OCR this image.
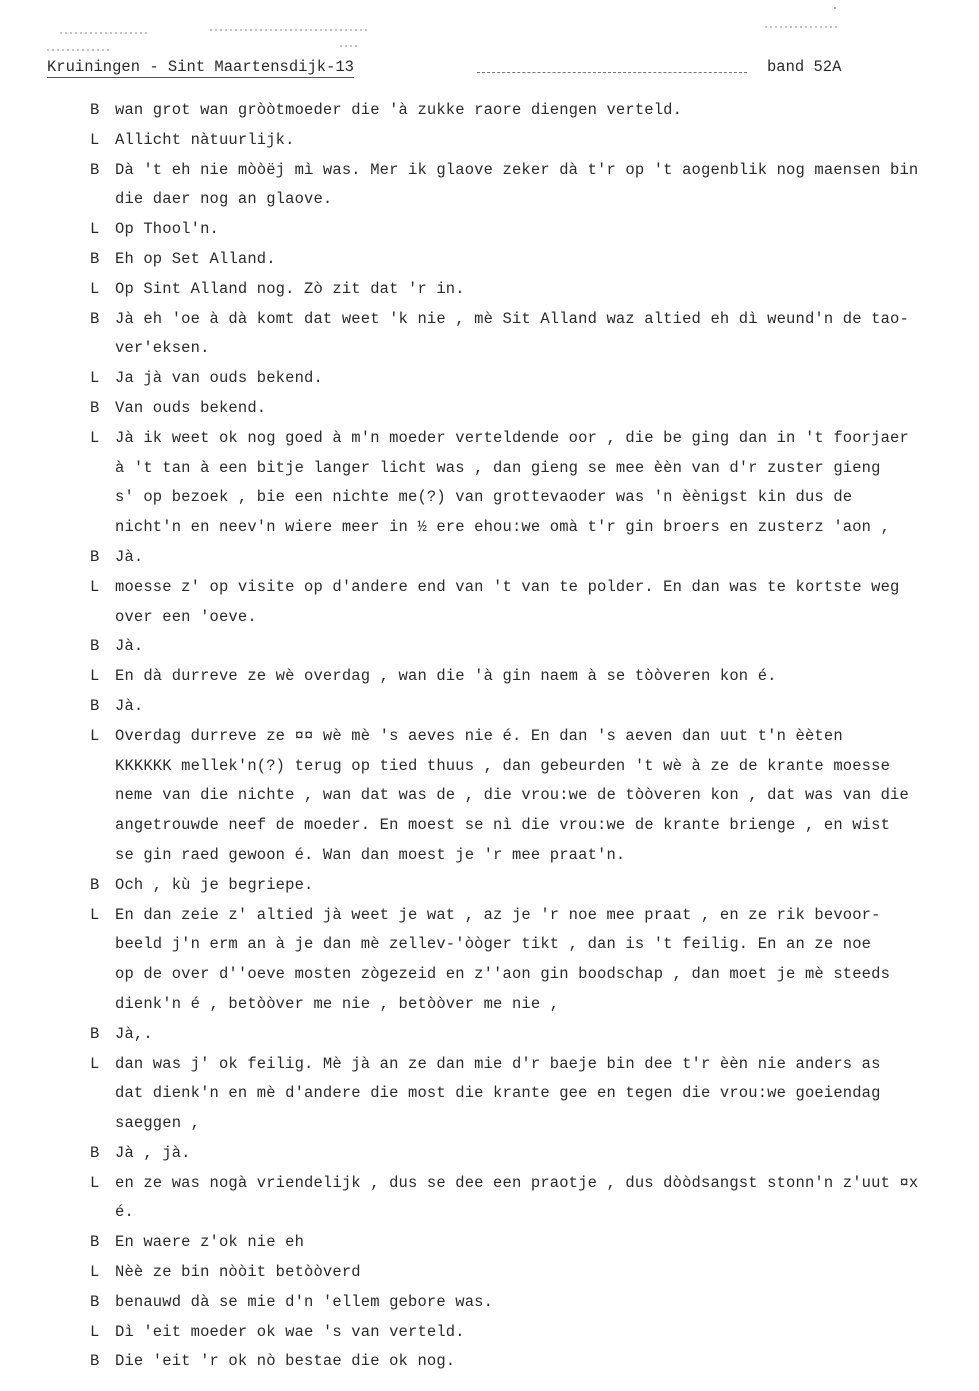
Kruiningen - Sint Maartensdijk-13	band 52A
B	wan grot wan gròòtmoeder die 'à zukke raore diengen verteld.
L	Allicht nàtuurlijk.
B	Dà 't eh nie mòòëj mì was. Mer ik glaove zeker dà t'r op 't aogenblik nog maensen bin
die daer nog an glaove.
L	Op Thool'n.
B	Eh op Set Alland.
L	Op Sint Alland nog. Zò zit dat 'r in.
B	Jà eh 'oe à dà komt dat weet 'k nie , mè Sit Alland waz altied eh dì weund'n de tao-
ver'eksen.
L	Ja jà van ouds bekend.
B	Van ouds bekend.
L	Jà ik weet ok nog goed à m'n moeder verteldende oor , die be ging dan in 't foorjaer
à 't tan à een bitje langer licht was , dan gieng se mee èèn van d'r zuster gieng
s' op bezoek , bie een nichte me(?) van grottevaoder was 'n èènigst kin dus de
nicht'n en neev'n wiere meer in ½ ere ehou:we omà t'r gin broers en zusterz 'aon ,
B	Jà.
L	moesse z' op visite op d'andere end van 't van te polder. En dan was te kortste weg
over een 'oeve.
B	Jà.
L	En dà durreve ze wè overdag , wan die 'à gin naem à se tòòveren kon é.
B	Jà.
L	Overdag durreve ze ¤¤ wè mè 's aeves nie é. En dan 's aeven dan uut t'n èèten
KKKKKK mellek'n(?) terug op tied thuus , dan gebeurden 't wè à ze de krante moesse
neme van die nichte , wan dat was de , die vrou:we de tòòveren kon , dat was van die
angetrouwde neef de moeder. En moest se nì die vrou:we de krante brienge , en wist
se gin raed gewoon é. Wan dan moest je 'r mee praat'n.
B	Och , kù je begriepe.
L	En dan zeie z' altied jà weet je wat , az je 'r noe mee praat , en ze rik bevoor-
beeld j'n erm an à je dan mè zellev-'òòger tikt , dan is 't feilig. En an ze noe
op de over d''oeve mosten zògezeid en z''aon gin boodschap , dan moet je mè steeds
dienk'n é , betòòver me nie , betòòver me nie ,
B	Jà,.
L	dan was j' ok feilig. Mè jà an ze dan mie d'r baeje bin dee t'r èèn nie anders as
dat dienk'n en mè d'andere die most die krante gee en tegen die vrou:we goeiendag
saeggen ,
B	Jà , jà.
L	en ze was nogà vriendelijk , dus se dee een praotje , dus dòòdsangst stonn'n z'uut ¤x
é.
B	En waere z'ok nie eh
L	Nèè ze bin nòòit betòòverd
B	benauwd dà se mie d'n 'ellem gebore was.
L	Dì 'eit moeder ok wae 's van verteld.
B	Die 'eit 'r ok nò bestae die ok nog.
